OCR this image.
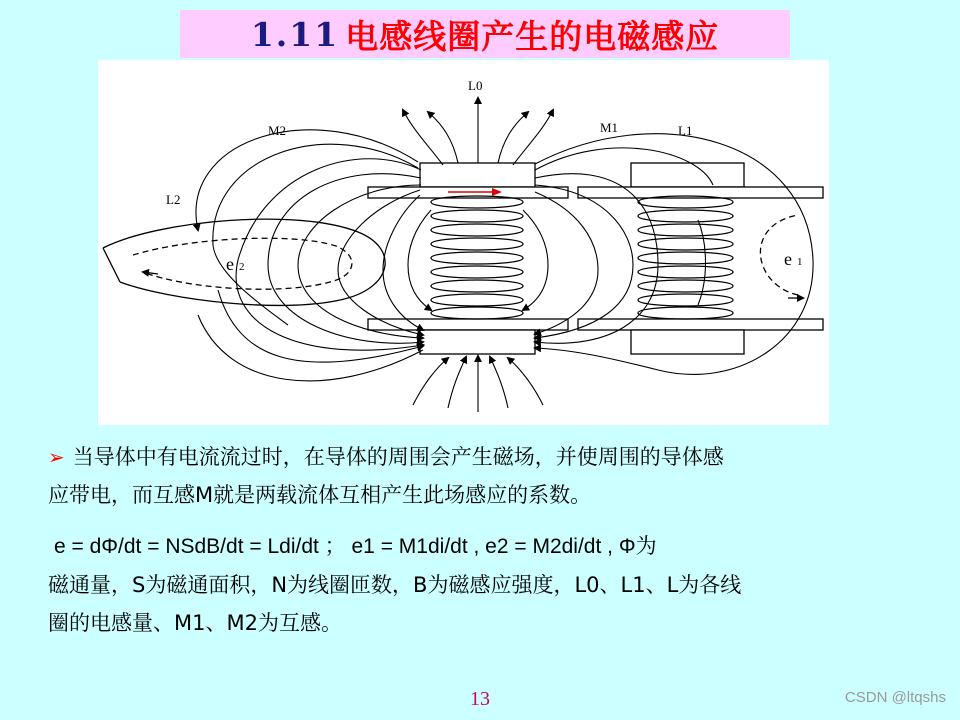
1.11 电感线圈产生的电磁感应
L0
M1	L1
M2
L2
e 2	e 1
➢ 当导体中有电流流过时，在导体的周围会产生磁场，并使周围的导体感
应带电，而互感M就是两载流体互相产生此场感应的系数。
e = dΦ/dt = NSdB/dt = Ldi/dt ； e1 = M1di/dt , e2 = M2di/dt , Φ为
磁通量，S为磁通面积，N为线圈匝数，B为磁感应强度，L0、L1、L为各线
圈的电感量、M1、M2为互感。
13	CSDN @ltqshs
